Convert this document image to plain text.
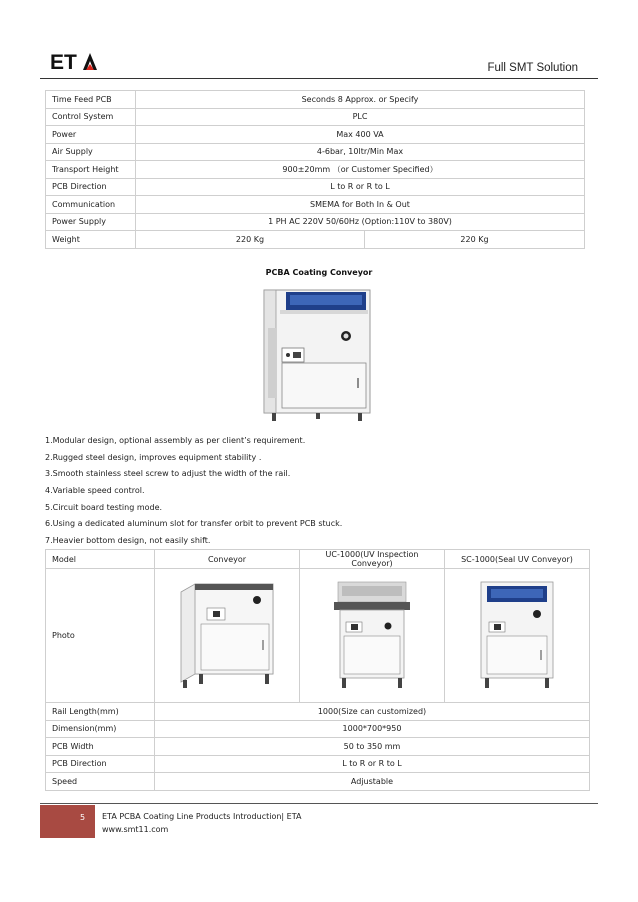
ET	Full SMT Solution
Time Feed PCB	Seconds 8 Approx. or Specify	
Control System	PLC	
Power	Max 400 VA	
Air Supply	4-6bar, 10ltr/Min Max	
Transport Height	900±20mm （or Customer Specified）	
PCB Direction	L to R or R to L	
Communication	SMEMA for Both In & Out	
Power Supply	1 PH AC 220V 50/60Hz (Option:110V to 380V)	
Weight	220 Kg	220 Kg
PCBA Coating Conveyor
1.Modular design, optional assembly as per client’s requirement.
2.Rugged steel design, improves equipment stability .
3.Smooth stainless steel screw to adjust the width of the rail.
4.Variable speed control.
5.Circuit board testing mode.
6.Using a dedicated aluminum slot for transfer orbit to prevent PCB stuck.
7.Heavier bottom design, not easily shift.
Model	Conveyor	UC-1000(UV Inspection Conveyor)	SC-1000(Seal UV Conveyor)
Photo	

Rail Length(mm)	1000(Size can customized)		
Dimension(mm)	1000*700*950		
PCB Width	50 to 350 mm		
PCB Direction	L to R or R to L		
Speed	Adjustable		
5 ETA PCBA Coating Line Products Introduction| ETA
www.smt11.com
